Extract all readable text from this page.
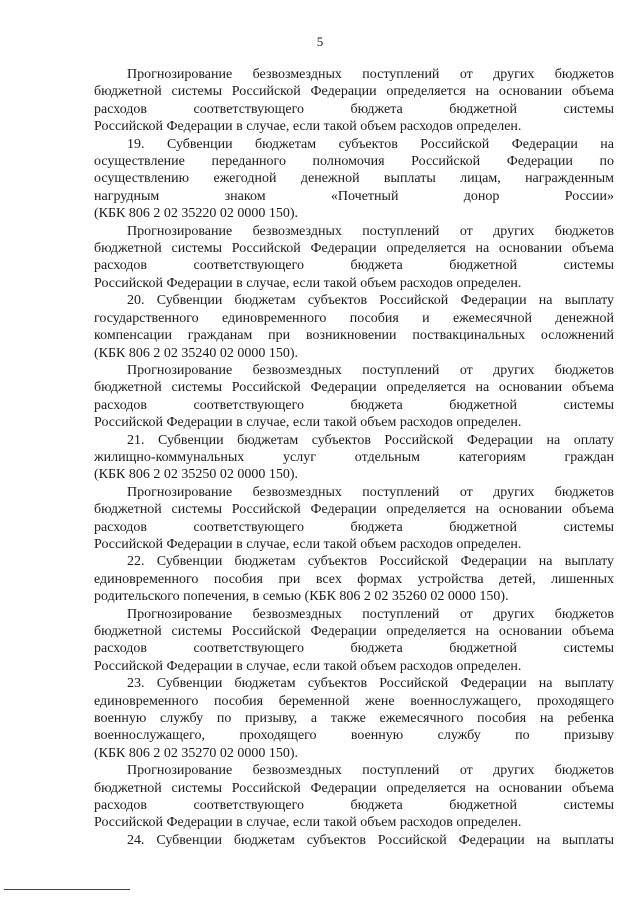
5

Прогнозирование безвозмездных поступлений от других бюджетов
бюджетной системы Российской Федерации определяется на основании объема
расходов соответствующего бюджета бюджетной системы
Российской Федерации в случае, если такой объем расходов определен.

19. Субвенции бюджетам субъектов Российской Федерации на
осуществление переданного полномочия Российской Федерации по
осуществлению ежегодной денежной выплаты лицам, награжденным
нагрудным знаком «Почетный донор России»
(КБК 806 2 02 35220 02 0000 150).

Прогнозирование безвозмездных поступлений от других бюджетов
бюджетной системы Российской Федерации определяется на основании объема
расходов соответствующего бюджета бюджетной системы
Российской Федерации в случае, если такой объем расходов определен.

20. Субвенции бюджетам субъектов Российской Федерации на выплату
государственного единовременного пособия и ежемесячной денежной
компенсации гражданам при возникновении поствакцинальных осложнений
(КБК 806 2 02 35240 02 0000 150).

Прогнозирование безвозмездных поступлений от других бюджетов
бюджетной системы Российской Федерации определяется на основании объема
расходов соответствующего бюджета бюджетной системы
Российской Федерации в случае, если такой объем расходов определен.

21. Субвенции бюджетам субъектов Российской Федерации на оплату
жилищно-коммунальных услуг отдельным категориям граждан
(КБК 806 2 02 35250 02 0000 150).

Прогнозирование безвозмездных поступлений от других бюджетов
бюджетной системы Российской Федерации определяется на основании объема
расходов соответствующего бюджета бюджетной системы
Российской Федерации в случае, если такой объем расходов определен.

22. Субвенции бюджетам субъектов Российской Федерации на выплату
единовременного пособия при всех формах устройства детей, лишенных
родительского попечения, в семью (КБК 806 2 02 35260 02 0000 150).

Прогнозирование безвозмездных поступлений от других бюджетов
бюджетной системы Российской Федерации определяется на основании объема
расходов соответствующего бюджета бюджетной системы
Российской Федерации в случае, если такой объем расходов определен.

23. Субвенции бюджетам субъектов Российской Федерации на выплату
единовременного пособия беременной жене военнослужащего, проходящего
военную службу по призыву, а также ежемесячного пособия на ребенка
военнослужащего, проходящего военную службу по призыву
(КБК 806 2 02 35270 02 0000 150).

Прогнозирование безвозмездных поступлений от других бюджетов
бюджетной системы Российской Федерации определяется на основании объема
расходов соответствующего бюджета бюджетной системы
Российской Федерации в случае, если такой объем расходов определен.

24. Субвенции бюджетам субъектов Российской Федерации на выплаты
